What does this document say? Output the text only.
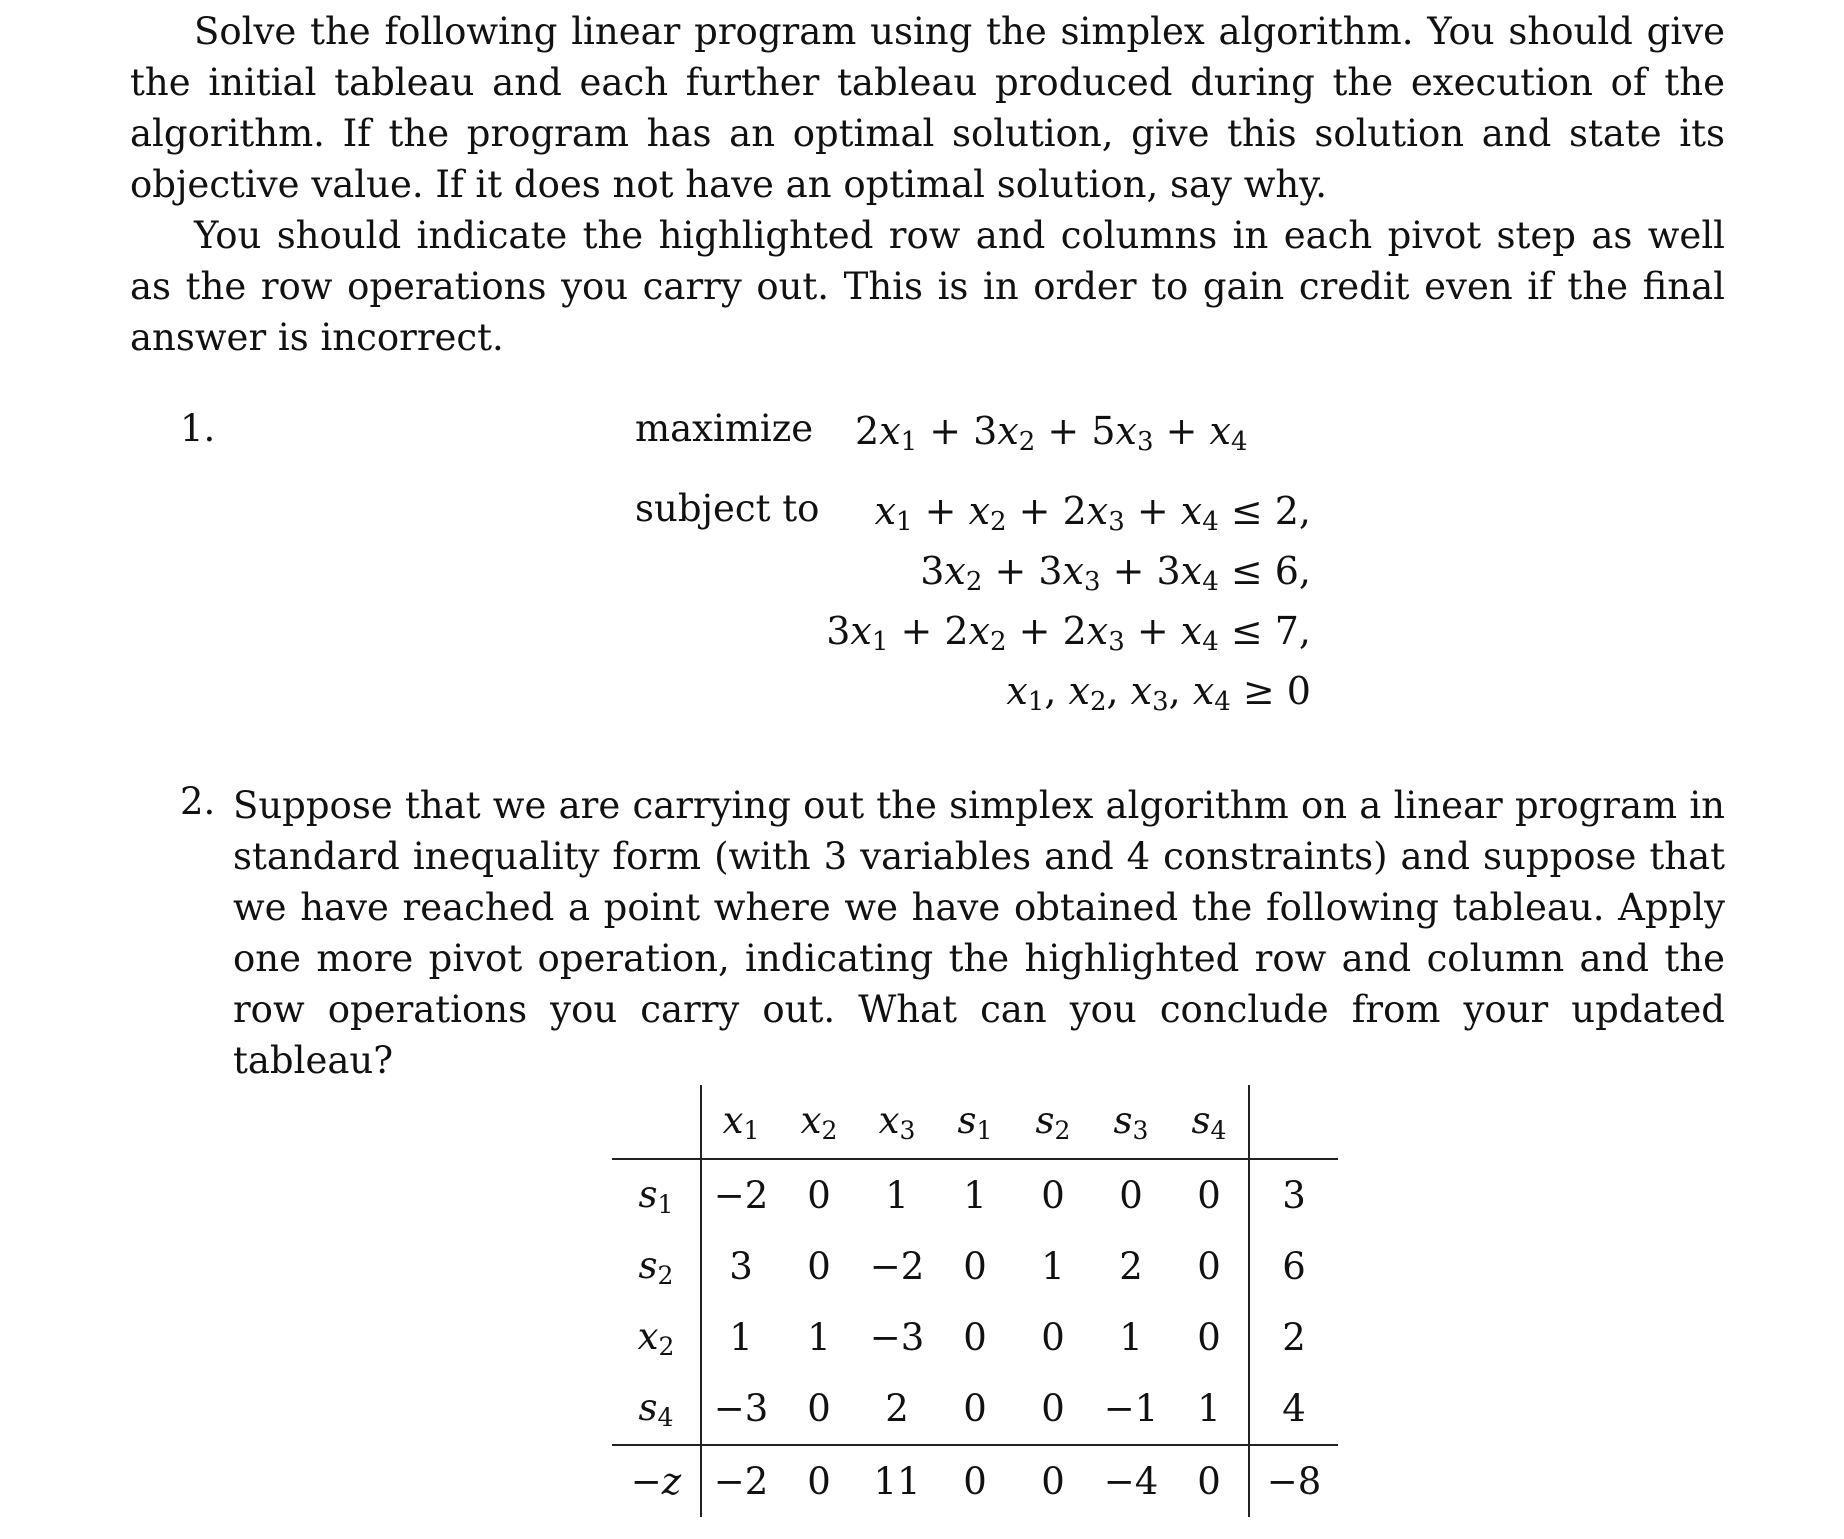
Solve the following linear program using the simplex algorithm. You should give the initial tableau and each further tableau produced during the execution of the algorithm. If the program has an optimal solution, give this solution and state its objective value. If it does not have an optimal solution, say why.

You should indicate the highlighted row and columns in each pivot step as well as the row operations you carry out. This is in order to gain credit even if the final answer is incorrect.

1.	maximize
subject to
$2x_1 + 3x_2 + 5x_3 + x_4$
$x_1 + x_2 + 2x_3 + x_4 \le 2$,
$3x_2 + 3x_3 + 3x_4 \le 6$,
$3x_1 + 2x_2 + 2x_3 + x_4 \le 7$,
$x_1$, $x_2$, $x_3$, $x_4 \ge 0$
2. Suppose that we are carrying out the simplex algorithm on a linear program in standard inequality form (with 3 variables and 4 constraints) and suppose that we have reached a point where we have obtained the following tableau. Apply one more pivot operation, indicating the highlighted row and column and the row operations you carry out. What can you conclude from your updated tableau?

	$x_1$	$x_2$	$x_3$	$s_1$	$s_2$	$s_3$	$s_4$	
$s_1$	−2	0	1	1	0	0	0	3
$s_2$	3	0	−2	0	1	2	0	6
$x_2$	1	1	−3	0	0	1	0	2
$s_4$	−3	0	2	0	0	−1	1	4
−z	−2	0	11	0	0	−4	0	−8
